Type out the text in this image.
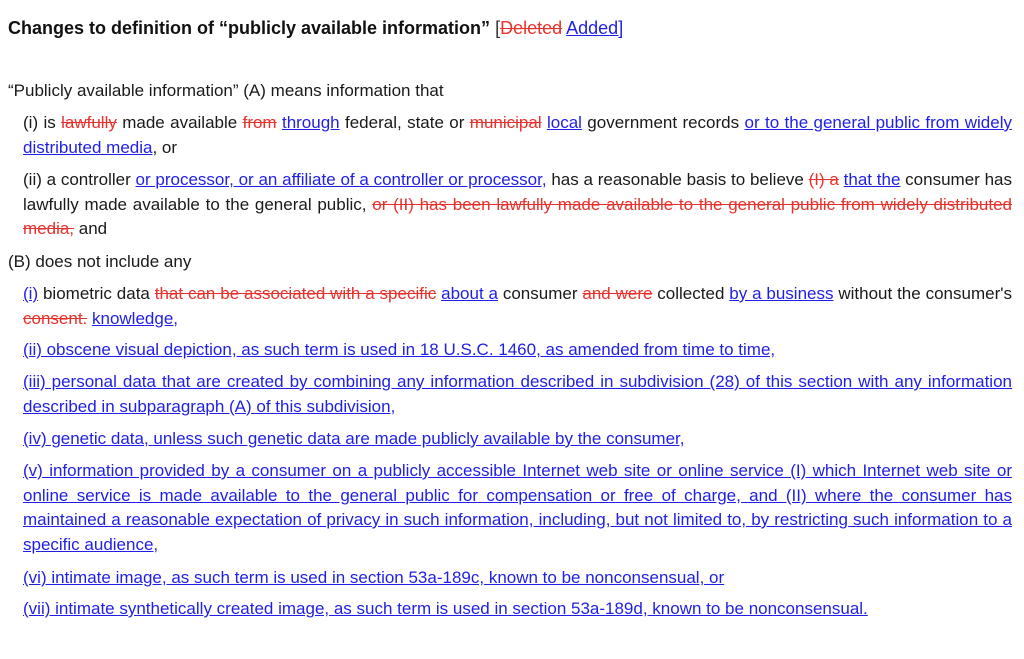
Changes to definition of “publicly available information” [Deleted Added]
“Publicly available information” (A) means information that

(i) is lawfully made available from through federal, state or municipal local government records or to the general public from widely distributed media, or

(ii) a controller or processor, or an affiliate of a controller or processor, has a reasonable basis to believe (I) a that the consumer has lawfully made available to the general public, or (II) has been lawfully made available to the general public from widely distributed media, and

(B) does not include any

(i) biometric data that can be associated with a specific about a consumer and were collected by a business without the consumer's consent. knowledge,

(ii) obscene visual depiction, as such term is used in 18 U.S.C. 1460, as amended from time to time,

(iii) personal data that are created by combining any information described in subdivision (28) of this section with any information described in subparagraph (A) of this subdivision,

(iv) genetic data, unless such genetic data are made publicly available by the consumer,

(v) information provided by a consumer on a publicly accessible Internet web site or online service (I) which Internet web site or online service is made available to the general public for compensation or free of charge, and (II) where the consumer has maintained a reasonable expectation of privacy in such information, including, but not limited to, by restricting such information to a specific audience,

(vi) intimate image, as such term is used in section 53a-189c, known to be nonconsensual, or

(vii) intimate synthetically created image, as such term is used in section 53a-189d, known to be nonconsensual.
